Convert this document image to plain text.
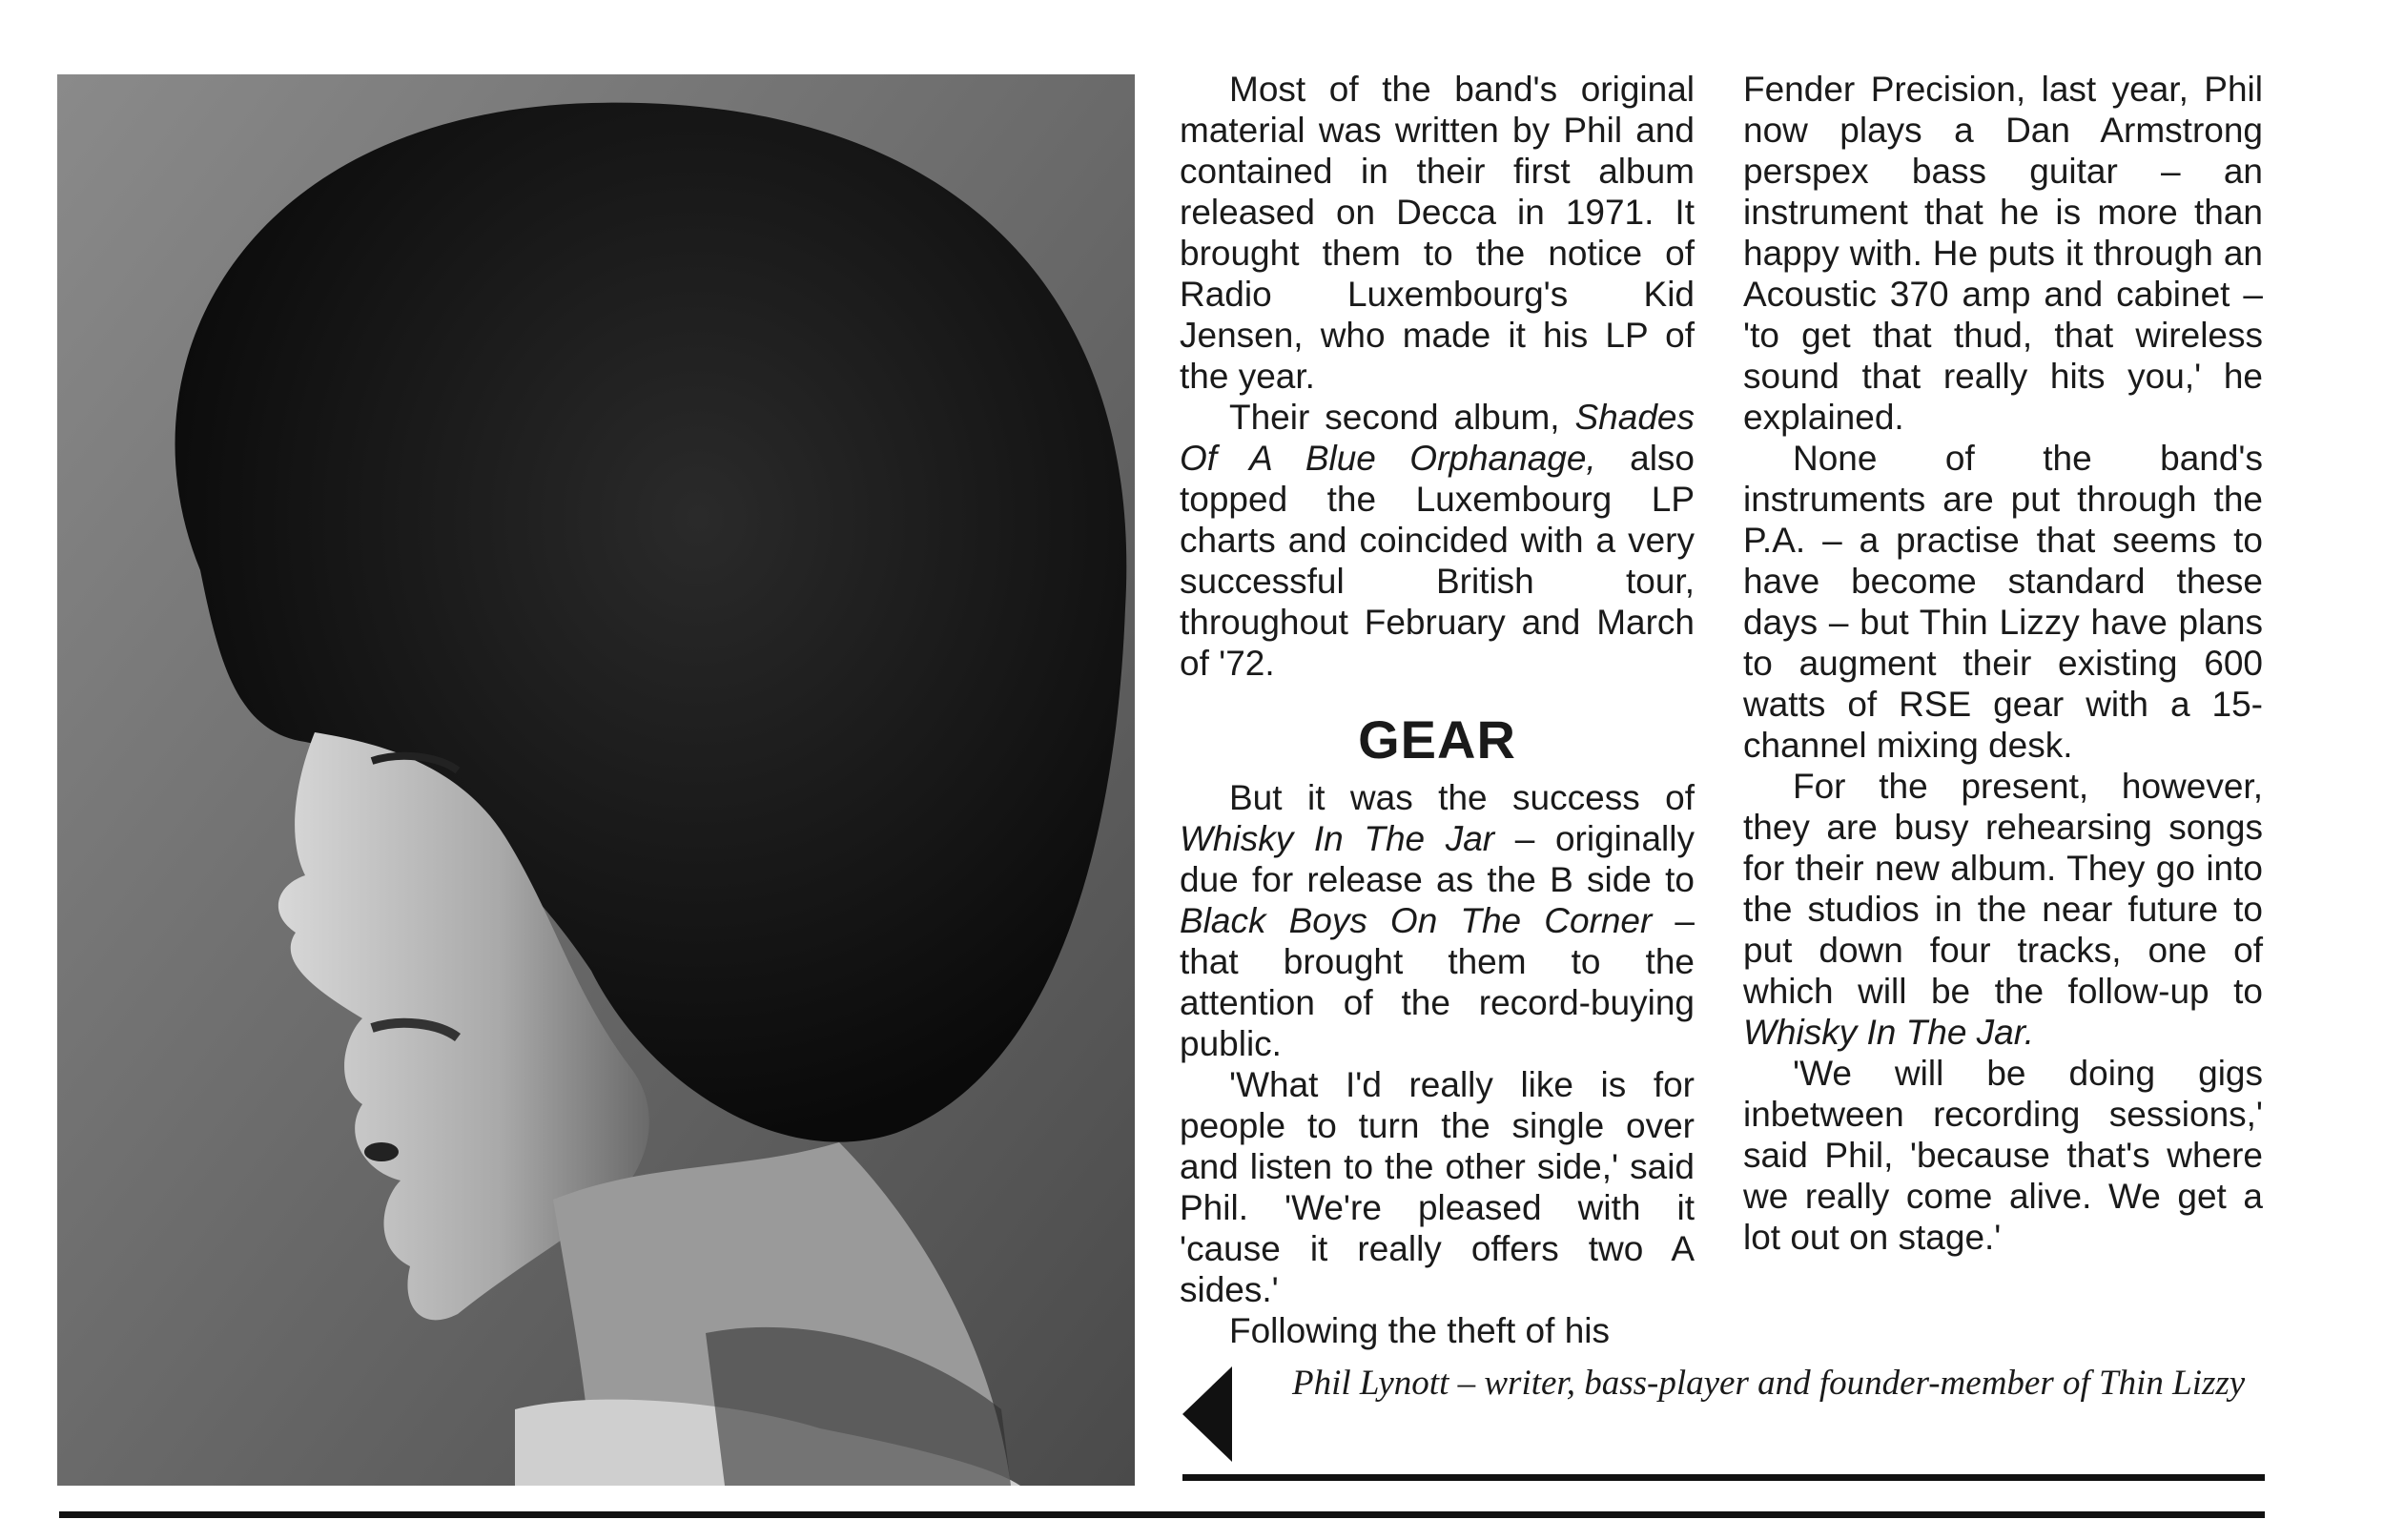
Most of the band's original material was written by Phil and contained in their first album released on Decca in 1971. It brought them to the notice of Radio Luxembourg's Kid Jensen, who made it his LP of the year.

Their second album, Shades Of A Blue Orphanage, also topped the Luxembourg LP charts and coincided with a very successful British tour, throughout February and March of '72.

GEAR

But it was the success of Whisky In The Jar – originally due for release as the B side to Black Boys On The Corner – that brought them to the attention of the record-buying public.

'What I'd really like is for people to turn the single over and listen to the other side,' said Phil. 'We're pleased with it 'cause it really offers two A sides.'

Following the theft of his

Fender Precision, last year, Phil now plays a Dan Armstrong perspex bass guitar – an instrument that he is more than happy with. He puts it through an Acoustic 370 amp and cabinet – 'to get that thud, that wireless sound that really hits you,' he explained.

None of the band's instruments are put through the P.A. – a practise that seems to have become standard these days – but Thin Lizzy have plans to augment their existing 600 watts of RSE gear with a 15-channel mixing desk.

For the present, however, they are busy rehearsing songs for their new album. They go into the studios in the near future to put down four tracks, one of which will be the follow-up to Whisky In The Jar.

'We will be doing gigs inbetween recording sessions,' said Phil, 'because that's where we really come alive. We get a lot out on stage.'

Phil Lynott – writer, bass-player and founder-member of Thin Lizzy
